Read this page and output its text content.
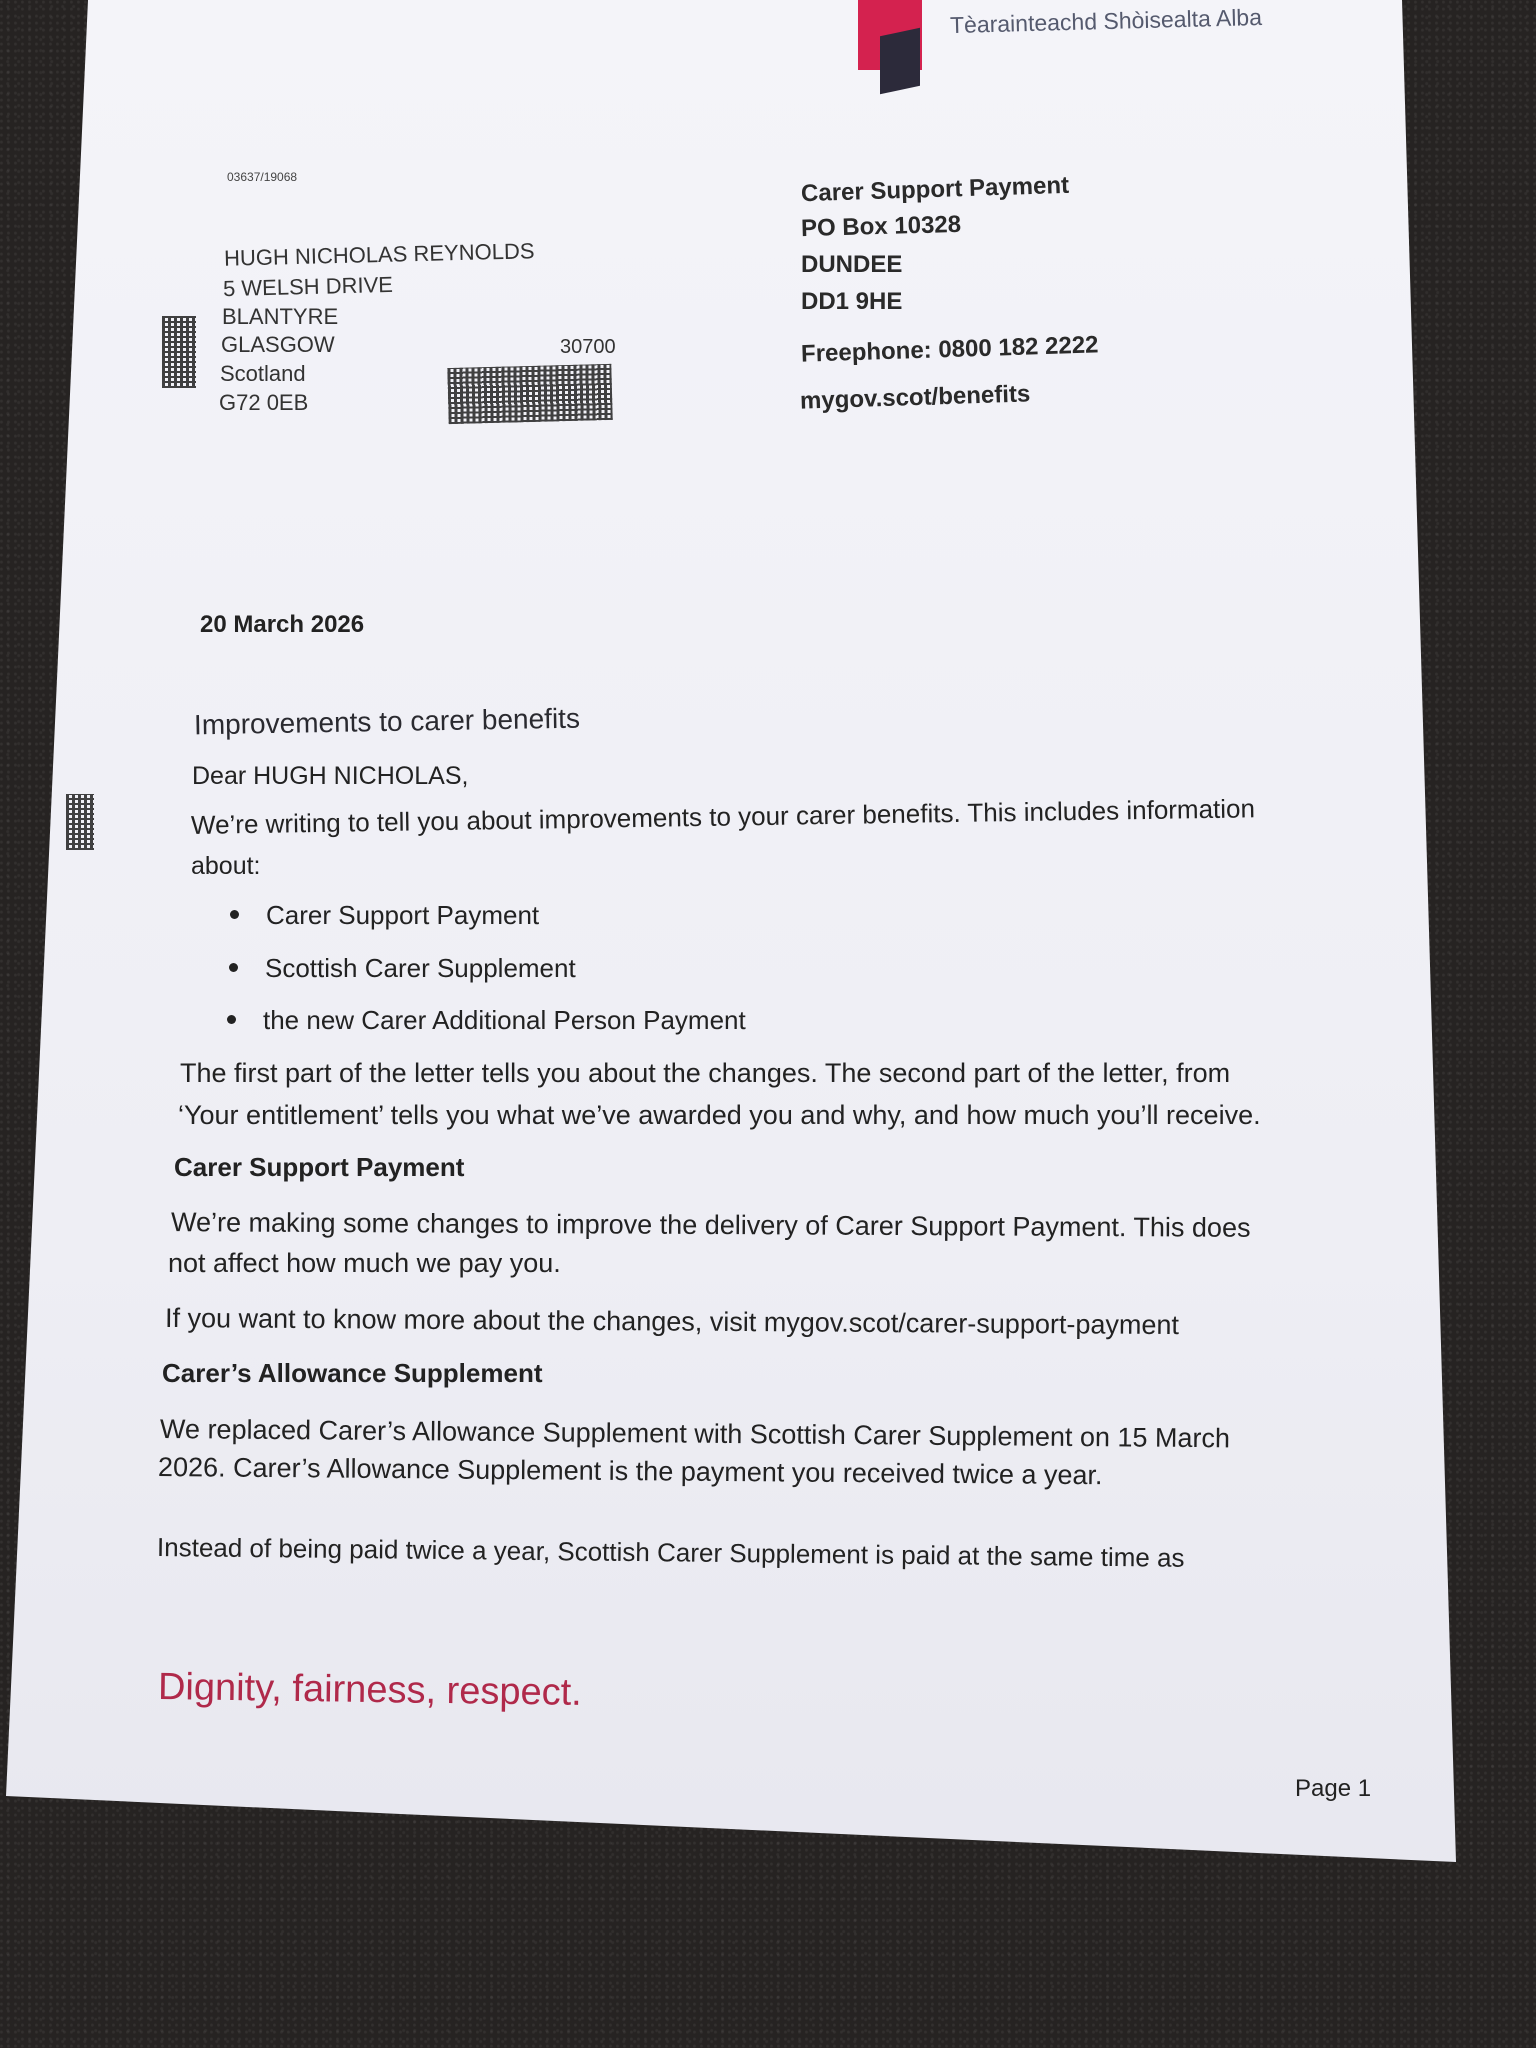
Tèarainteachd Shòisealta Alba

03637/19068

HUGH NICHOLAS REYNOLDS

5 WELSH DRIVE

BLANTYRE

GLASGOW

Scotland

G72 0EB

30700

Carer Support Payment

PO Box 10328

DUNDEE

DD1 9HE

Freephone: 0800 182 2222

mygov.scot/benefits

20 March 2026

Improvements to carer benefits

Dear HUGH NICHOLAS,

We’re writing to tell you about improvements to your carer benefits. This includes information

about:

Carer Support Payment
Scottish Carer Supplement
the new Carer Additional Person Payment

The first part of the letter tells you about the changes. The second part of the letter, from

‘Your entitlement’ tells you what we’ve awarded you and why, and how much you’ll receive.

Carer Support Payment

We’re making some changes to improve the delivery of Carer Support Payment. This does

not affect how much we pay you.

If you want to know more about the changes, visit mygov.scot/carer-support-payment

Carer’s Allowance Supplement

We replaced Carer’s Allowance Supplement with Scottish Carer Supplement on 15 March

2026. Carer’s Allowance Supplement is the payment you received twice a year.

Instead of being paid twice a year, Scottish Carer Supplement is paid at the same time as

Dignity, fairness, respect.

Page 1
